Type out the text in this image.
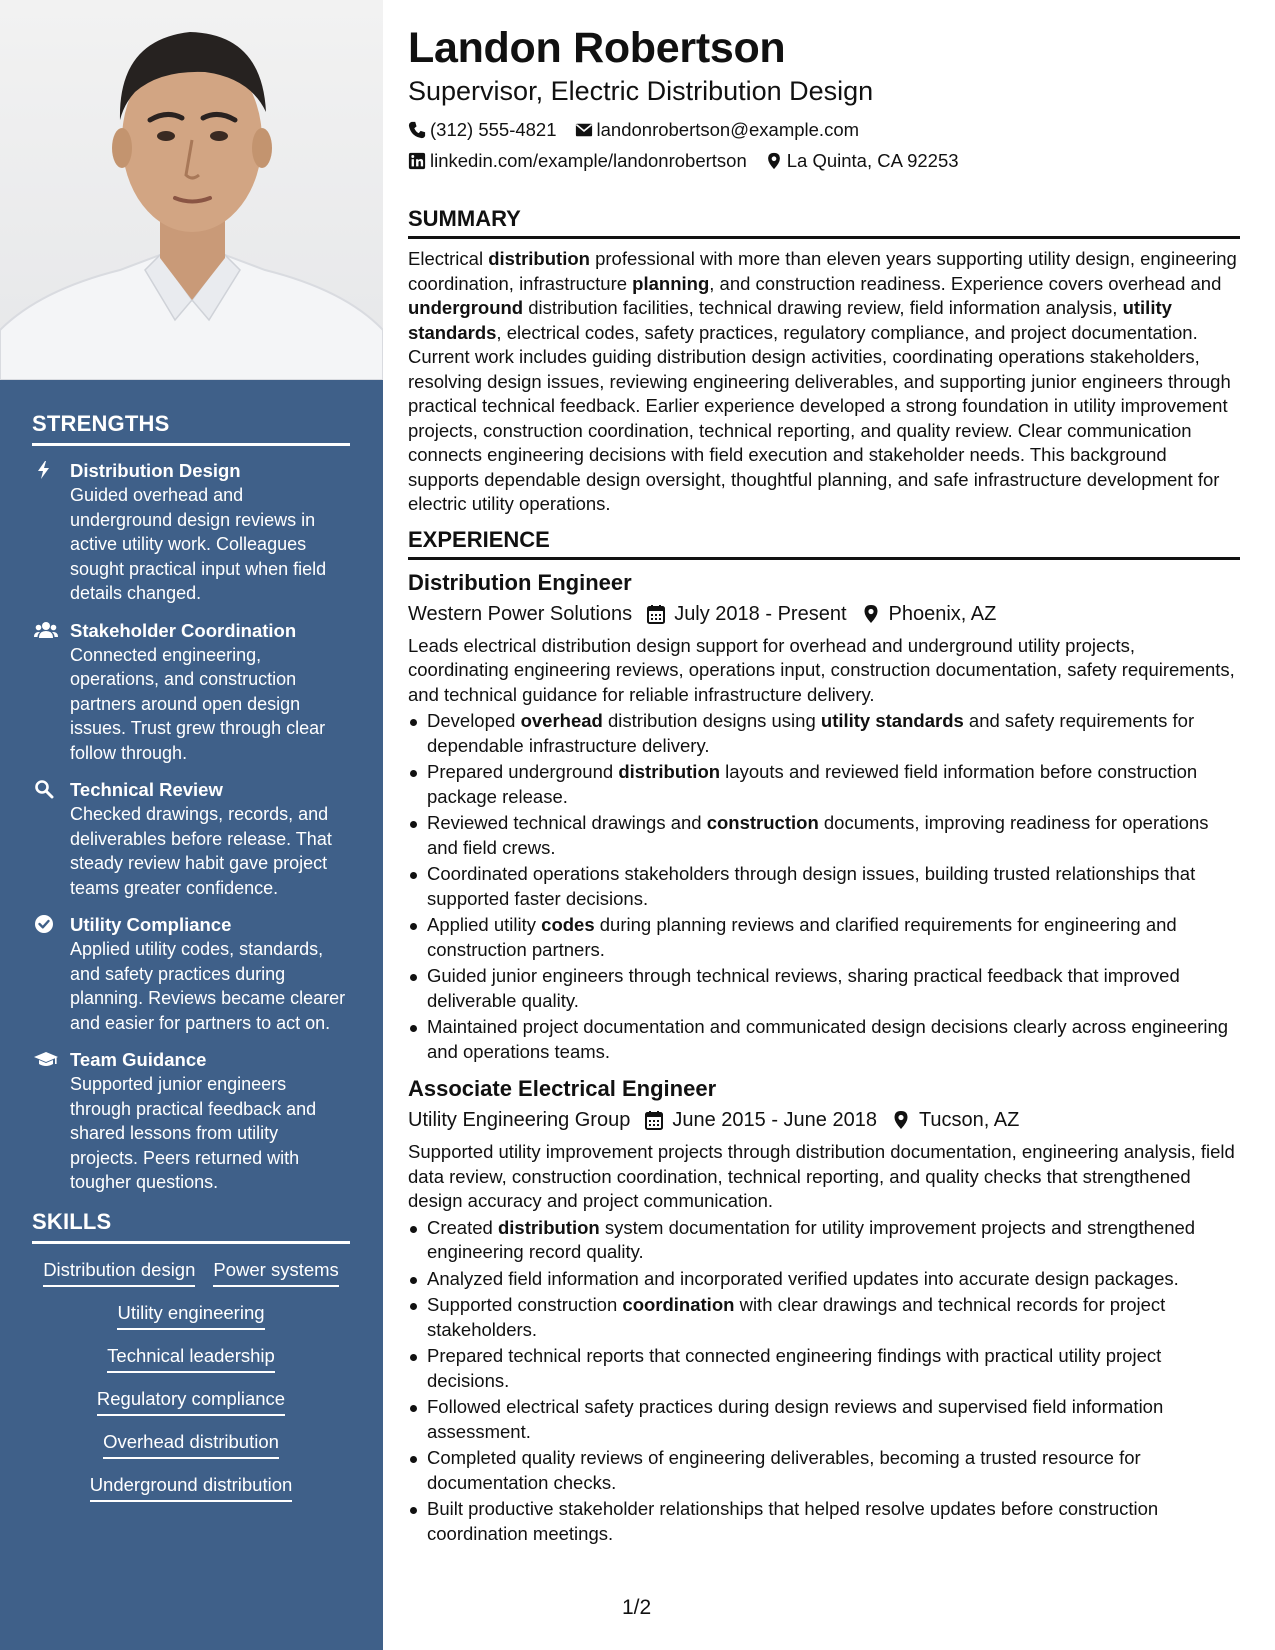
STRENGTHS
Distribution Design
Guided overhead and underground design reviews in active utility work. Colleagues sought practical input when field details changed.
Stakeholder Coordination
Connected engineering, operations, and construction partners around open design issues. Trust grew through clear follow through.
Technical Review
Checked drawings, records, and deliverables before release. That steady review habit gave project teams greater confidence.
Utility Compliance
Applied utility codes, standards, and safety practices during planning. Reviews became clearer and easier for partners to act on.
Team Guidance
Supported junior engineers through practical feedback and shared lessons from utility projects. Peers returned with tougher questions.
SKILLS
Distribution design Power systems
Utility engineering
Technical leadership
Regulatory compliance
Overhead distribution
Underground distribution
Landon Robertson
Supervisor, Electric Distribution Design
(312) 555-4821 landonrobertson@example.com
linkedin.com/example/landonrobertson La Quinta, CA 92253
SUMMARY

Electrical distribution professional with more than eleven years supporting utility design, engineering coordination, infrastructure planning, and construction readiness. Experience covers overhead and underground distribution facilities, technical drawing review, field information analysis, utility standards, electrical codes, safety practices, regulatory compliance, and project documentation. Current work includes guiding distribution design activities, coordinating operations stakeholders, resolving design issues, reviewing engineering deliverables, and supporting junior engineers through practical technical feedback. Earlier experience developed a strong foundation in utility improvement projects, construction coordination, technical reporting, and quality review. Clear communication connects engineering decisions with field execution and stakeholder needs. This background supports dependable design oversight, thoughtful planning, and safe infrastructure development for electric utility operations.

EXPERIENCE
Distribution Engineer
Western Power Solutions July 2018 - Present Phoenix, AZ
Leads electrical distribution design support for overhead and underground utility projects, coordinating engineering reviews, operations input, construction documentation, safety requirements, and technical guidance for reliable infrastructure delivery.
Developed overhead distribution designs using utility standards and safety requirements for dependable infrastructure delivery.
Prepared underground distribution layouts and reviewed field information before construction package release.
Reviewed technical drawings and construction documents, improving readiness for operations and field crews.
Coordinated operations stakeholders through design issues, building trusted relationships that supported faster decisions.
Applied utility codes during planning reviews and clarified requirements for engineering and construction partners.
Guided junior engineers through technical reviews, sharing practical feedback that improved deliverable quality.
Maintained project documentation and communicated design decisions clearly across engineering and operations teams.
Associate Electrical Engineer
Utility Engineering Group June 2015 - June 2018 Tucson, AZ
Supported utility improvement projects through distribution documentation, engineering analysis, field data review, construction coordination, technical reporting, and quality checks that strengthened design accuracy and project communication.
Created distribution system documentation for utility improvement projects and strengthened engineering record quality.
Analyzed field information and incorporated verified updates into accurate design packages.
Supported construction coordination with clear drawings and technical records for project stakeholders.
Prepared technical reports that connected engineering findings with practical utility project decisions.
Followed electrical safety practices during design reviews and supervised field information assessment.
Completed quality reviews of engineering deliverables, becoming a trusted resource for documentation checks.
Built productive stakeholder relationships that helped resolve updates before construction coordination meetings.
1/2
